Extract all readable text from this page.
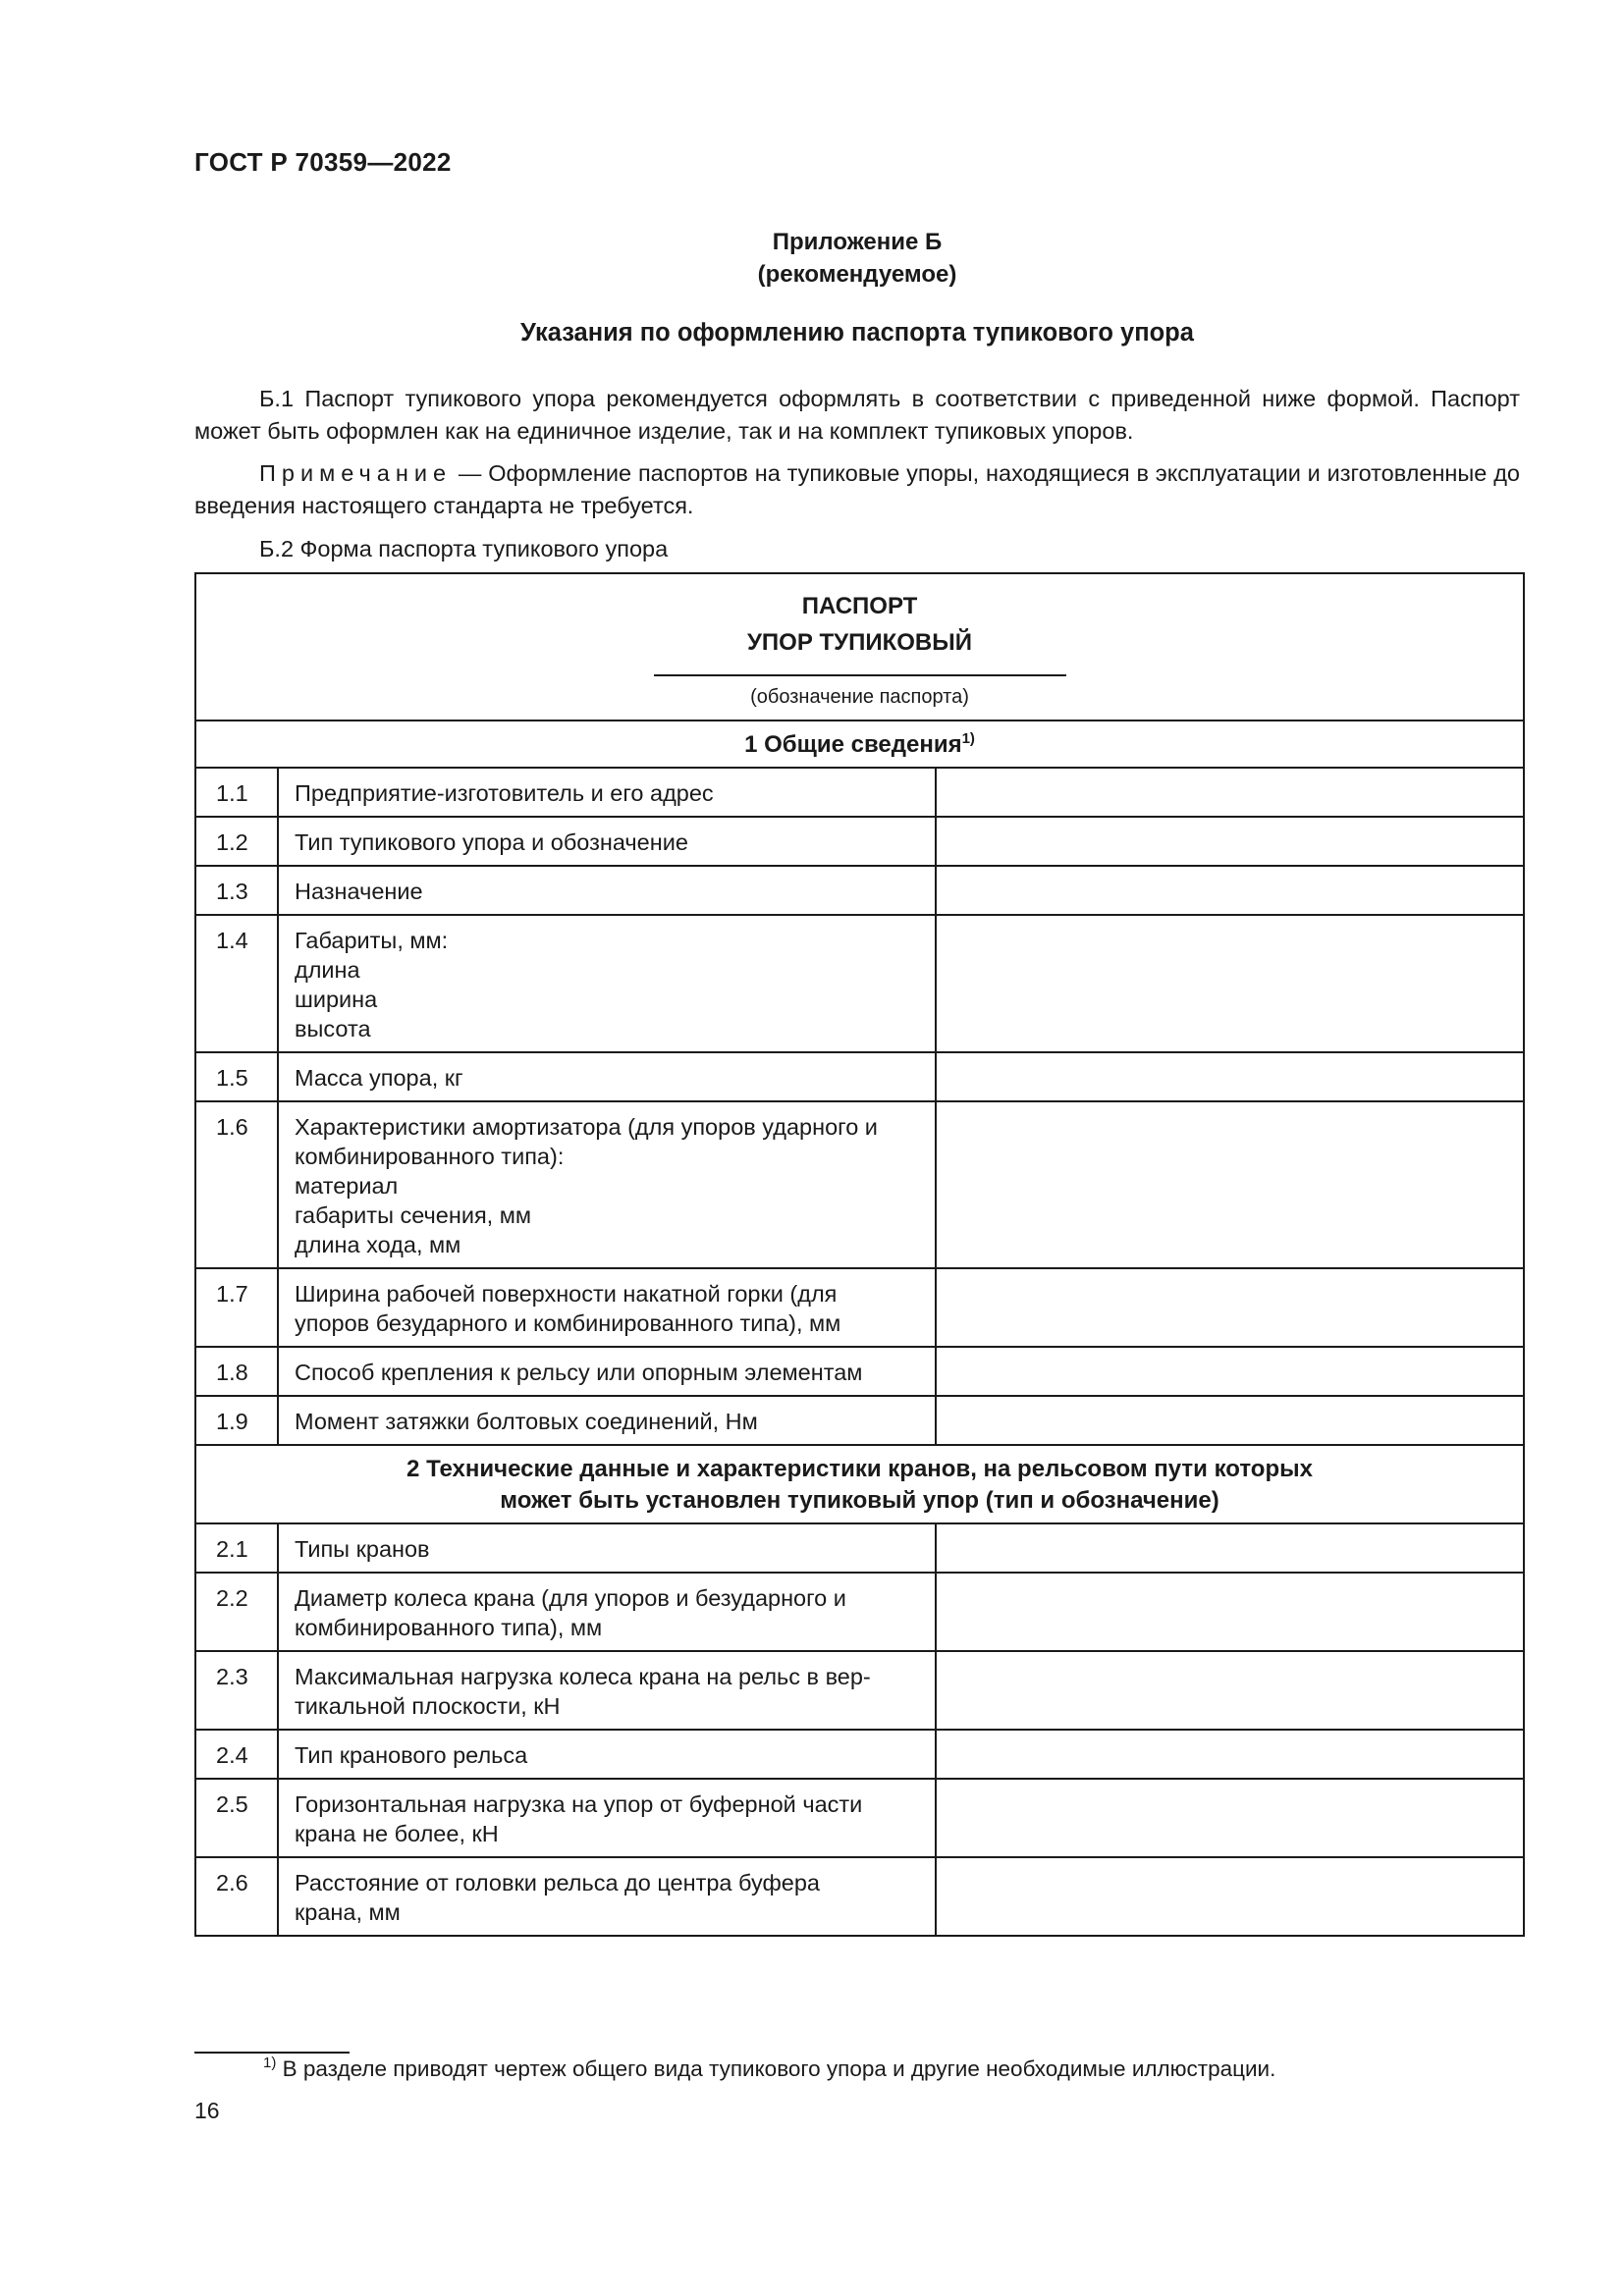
ГОСТ Р 70359—2022
Приложение Б
(рекомендуемое)
Указания по оформлению паспорта тупикового упора
Б.1 Паспорт тупикового упора рекомендуется оформлять в соответствии с приведенной ниже формой. Паспорт может быть оформлен как на единичное изделие, так и на комплект тупиковых упоров.
Примечание — Оформление паспортов на тупиковые упоры, находящиеся в эксплуатации и изготовленные до введения настоящего стандарта не требуется.
Б.2 Форма паспорта тупикового упора
ПАСПОРТ
УПОР ТУПИКОВЫЙ
(обозначение паспорта)		

1 Общие сведения$^{1)}$
1.1	Предприятие-изготовитель и его адрес	

1.2	Тип тупикового упора и обозначение	

1.3	Назначение	

1.4	Габариты, мм:
длина
ширина
высота	

1.5	Масса упора, кг	

1.6	Характеристики амортизатора (для упоров ударного и
комбинированного типа):
материал
габариты сечения, мм
длина хода, мм	

1.7	Ширина рабочей поверхности накатной горки (для
упоров безударного и комбинированного типа), мм	

1.8	Способ крепления к рельсу или опорным элементам	

1.9	Момент затяжки болтовых соединений, Нм	

2 Технические данные и характеристики кранов, на рельсовом пути которых
может быть установлен тупиковый упор (тип и обозначение)		

2.1	Типы кранов	

2.2	Диаметр колеса крана (для упоров и безударного и
комбинированного типа), мм	

2.3	Максимальная нагрузка колеса крана на рельс в вер-
тикальной плоскости, кН	

2.4	Тип кранового рельса	

2.5	Горизонтальная нагрузка на упор от буферной части
крана не более, кН	

2.6	Расстояние от головки рельса до центра буфера
крана, мм	

$^{1)}$ В разделе приводят чертеж общего вида тупикового упора и другие необходимые иллюстрации.
16
